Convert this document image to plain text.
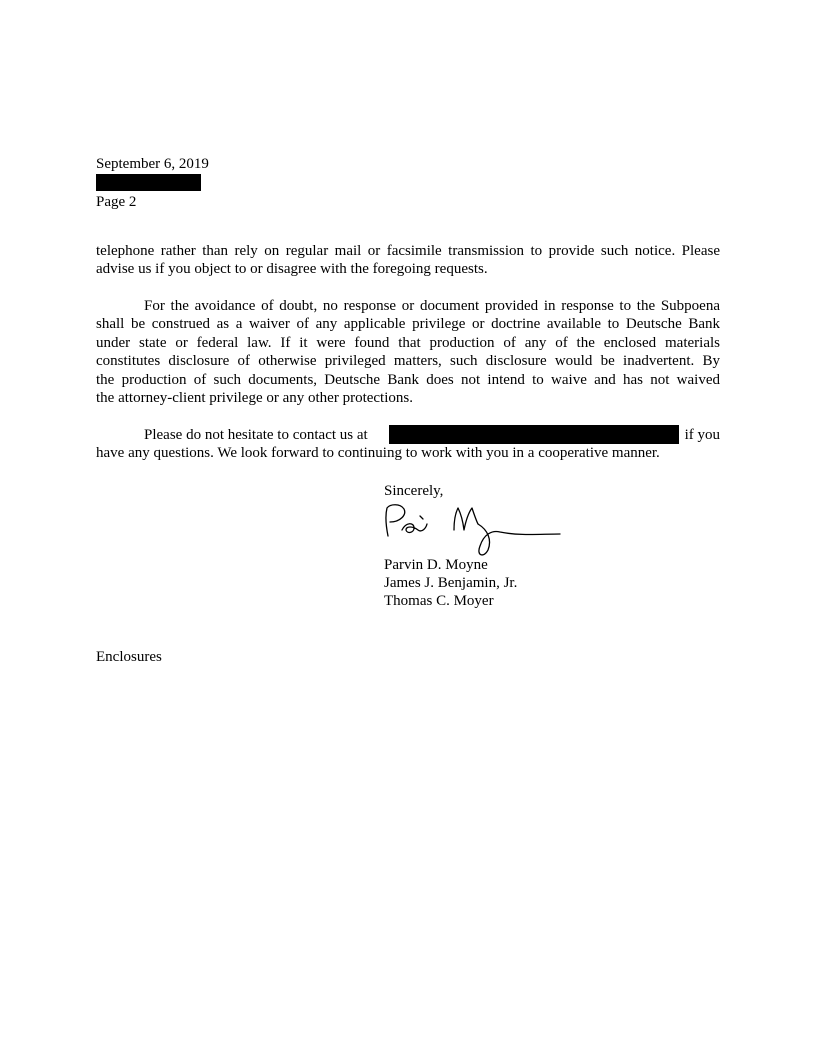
September 6, 2019
Page 2
telephone rather than rely on regular mail or facsimile transmission to provide such notice. Please
advise us if you object to or disagree with the foregoing requests.
For the avoidance of doubt, no response or document provided in response to the Subpoena
shall be construed as a waiver of any applicable privilege or doctrine available to Deutsche Bank
under state or federal law. If it were found that production of any of the enclosed materials
constitutes disclosure of otherwise privileged matters, such disclosure would be inadvertent. By
the production of such documents, Deutsche Bank does not intend to waive and has not waived
the attorney-client privilege or any other protections.
Please do not hesitate to contact us at	if you
have any questions. We look forward to continuing to work with you in a cooperative manner.
Sincerely,
Parvin D. Moyne
James J. Benjamin, Jr.
Thomas C. Moyer
Enclosures
